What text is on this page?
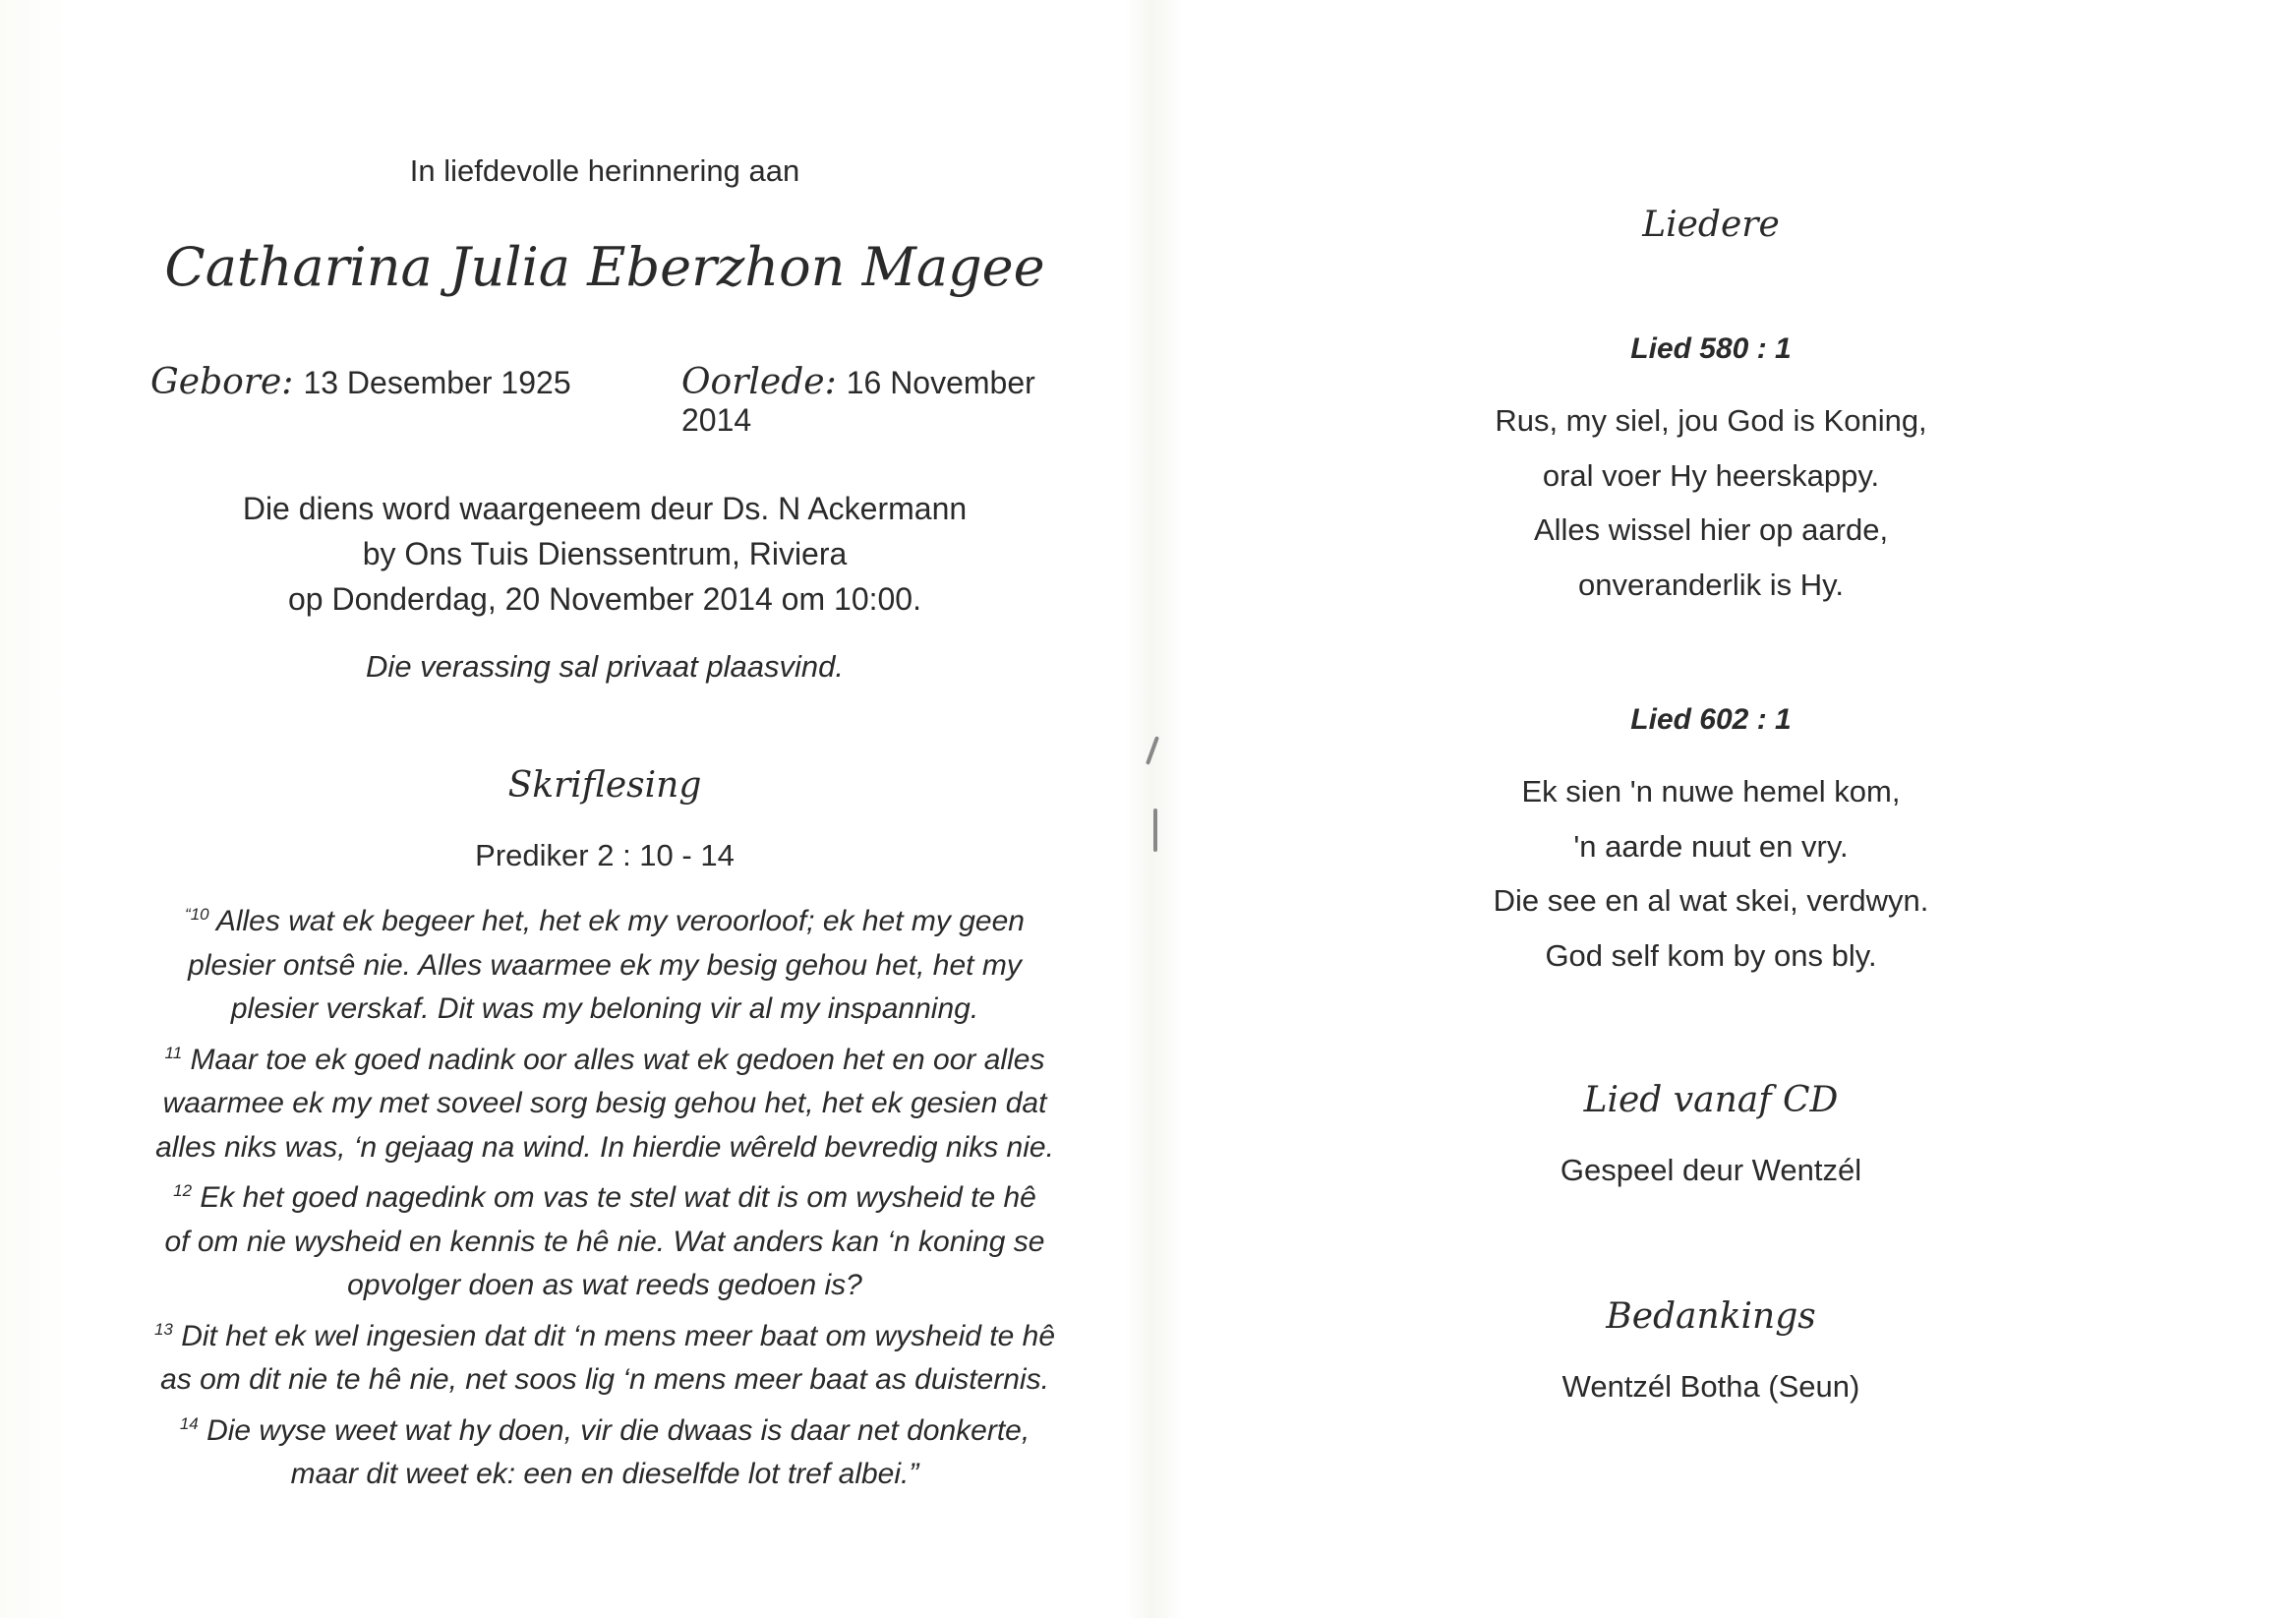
In liefdevolle herinnering aan
Catharina Julia Eberzhon Magee
Gebore: 13 Desember 1925	Oorlede: 16 November 2014
Die diens word waargeneem deur Ds. N Ackermann
by Ons Tuis Dienssentrum, Riviera
op Donderdag, 20 November 2014 om 10:00.
Die verassing sal privaat plaasvind.
Skriflesing
Prediker 2 : 10 - 14
$^{“10}$ Alles wat ek begeer het, het ek my veroorloof; ek het my geen
plesier ontsê nie. Alles waarmee ek my besig gehou het, het my
plesier verskaf. Dit was my beloning vir al my inspanning.
$^{11}$ Maar toe ek goed nadink oor alles wat ek gedoen het en oor alles
waarmee ek my met soveel sorg besig gehou het, het ek gesien dat
alles niks was, ‘n gejaag na wind. In hierdie wêreld bevredig niks nie.
$^{12}$ Ek het goed nagedink om vas te stel wat dit is om wysheid te hê
of om nie wysheid en kennis te hê nie. Wat anders kan ‘n koning se
opvolger doen as wat reeds gedoen is?
$^{13}$ Dit het ek wel ingesien dat dit ‘n mens meer baat om wysheid te hê
as om dit nie te hê nie, net soos lig ‘n mens meer baat as duisternis.
$^{14}$ Die wyse weet wat hy doen, vir die dwaas is daar net donkerte,
maar dit weet ek: een en dieselfde lot tref albei.”
Liedere
Lied 580 : 1
Rus, my siel, jou God is Koning,
oral voer Hy heerskappy.
Alles wissel hier op aarde,
onveranderlik is Hy.
Lied 602 : 1
Ek sien 'n nuwe hemel kom,
'n aarde nuut en vry.
Die see en al wat skei, verdwyn.
God self kom by ons bly.
Lied vanaf CD
Gespeel deur Wentzél
Bedankings
Wentzél Botha (Seun)
